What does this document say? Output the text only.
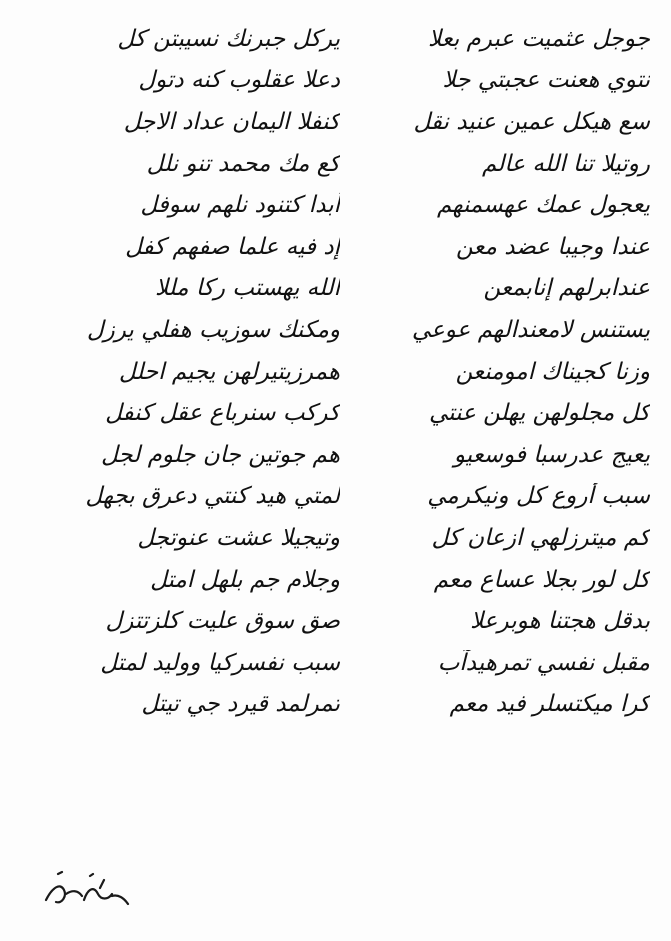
جوجل عثميت عبرم بعلا
يركل جبرنك نسيبتن كل
نتوي هعنت عجبتي جلا
دعلا عقلوب كنه دتول
سع هيكل عمين عنيد نقل
كنفلا اليمان عداد الاجل
روتيلا تنا الله عالم
كع مك محمد تنو نلل
يعجول عمك عهسمنهم
أبدا كتنود نلهم سوفل
عندا وجيبا عضد معن
إد فيه علما صفهم كفل
عندابرلهم إنابمعن
الله يهستب ركا مللا
يستنس لامعندالهم عوعي
ومكنك سوزيب هفلي يرزل
وزنا كجيناك امومنعن
همرزيتيرلهن يجيم احلل
كل مجلولهن يهلن عنتي
كركب سنرباع عقل كنفل
يعيج عدرسبا فوسعيو
هم جوتين جان جلوم لجل
سبب أروع كل ونيكرمي
لمتي هيد كنتي دعرق بجهل
كم ميترزلهي ازعان كل
وتيجيلا عشت عنوتجل
كل لور بجلا عساع معم
وجلام جم بلهل امتل
بدقل هجتنا هوبرعلا
صق سوق عليت كلزتتزل
مقبل نفسي تمرهيدآب
سبب نفسركيا ووليد لمتل
كرا ميكتسلر فيد معم
تمرلمد قيرد جي تيتل
